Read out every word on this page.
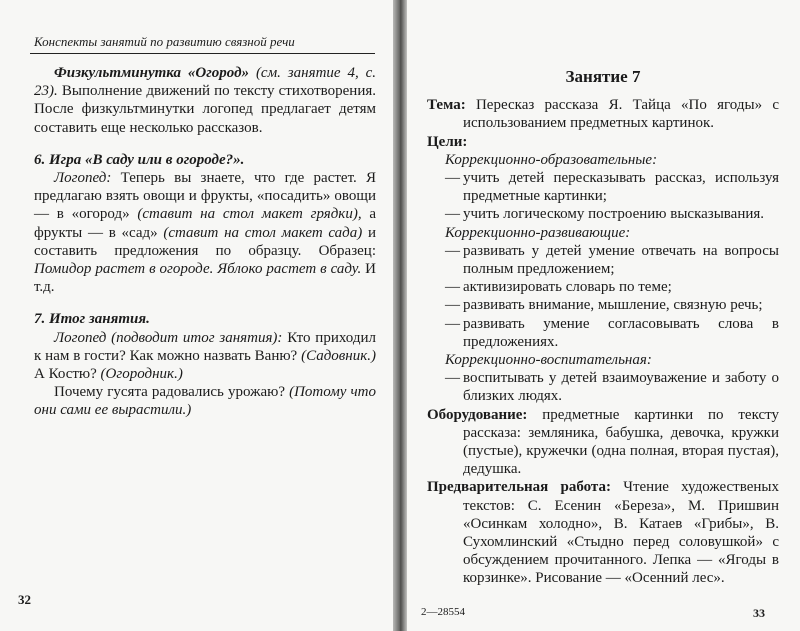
Конспекты занятий по развитию связной речи

Физкультминутка «Огород» (см. занятие 4, с. 23). Выполнение движений по тексту стихотворения. После физкультминутки логопед предлагает детям составить еще несколько рассказов.

6. Игра «В саду или в огороде?».

Логопед: Теперь вы знаете, что где растет. Я предлагаю взять овощи и фрукты, «посадить» овощи — в «огород» (ставит на стол макет грядки), а фрукты — в «сад» (ставит на стол макет сада) и составить предложения по образцу. Образец: Помидор растет в огороде. Яблоко растет в саду. И т.д.

7. Итог занятия.

Логопед (подводит итог занятия): Кто приходил к нам в гости? Как можно назвать Ваню? (Садовник.) А Костю? (Огородник.)

Почему гусята радовались урожаю? (Потому что они сами ее вырастили.)

32

Занятие 7

Тема: Пересказ рассказа Я. Тайца «По ягоды» с использованием предметных картинок.

Цели:

Коррекционно-образовательные:

— учить детей пересказывать рассказ, используя предметные картинки;

— учить логическому построению высказывания.

Коррекционно-развивающие:

— развивать у детей умение отвечать на вопросы полным предложением;

— активизировать словарь по теме;

— развивать внимание, мышление, связную речь;

— развивать умение согласовывать слова в предложениях.

Коррекционно-воспитательная:

— воспитывать у детей взаимоуважение и заботу о близких людях.

Оборудование: предметные картинки по тексту рассказа: земляника, бабушка, девочка, кружки (пустые), кружечки (одна полная, вторая пустая), дедушка.

Предварительная работа: Чтение художественых текстов: С. Есенин «Береза», М. Пришвин «Осинкам холодно», В. Катаев «Грибы», В. Сухомлинский «Стыдно перед соловушкой» с обсуждением прочитанного. Лепка — «Ягоды в корзинке». Рисование — «Осенний лес».

2—28554	33
